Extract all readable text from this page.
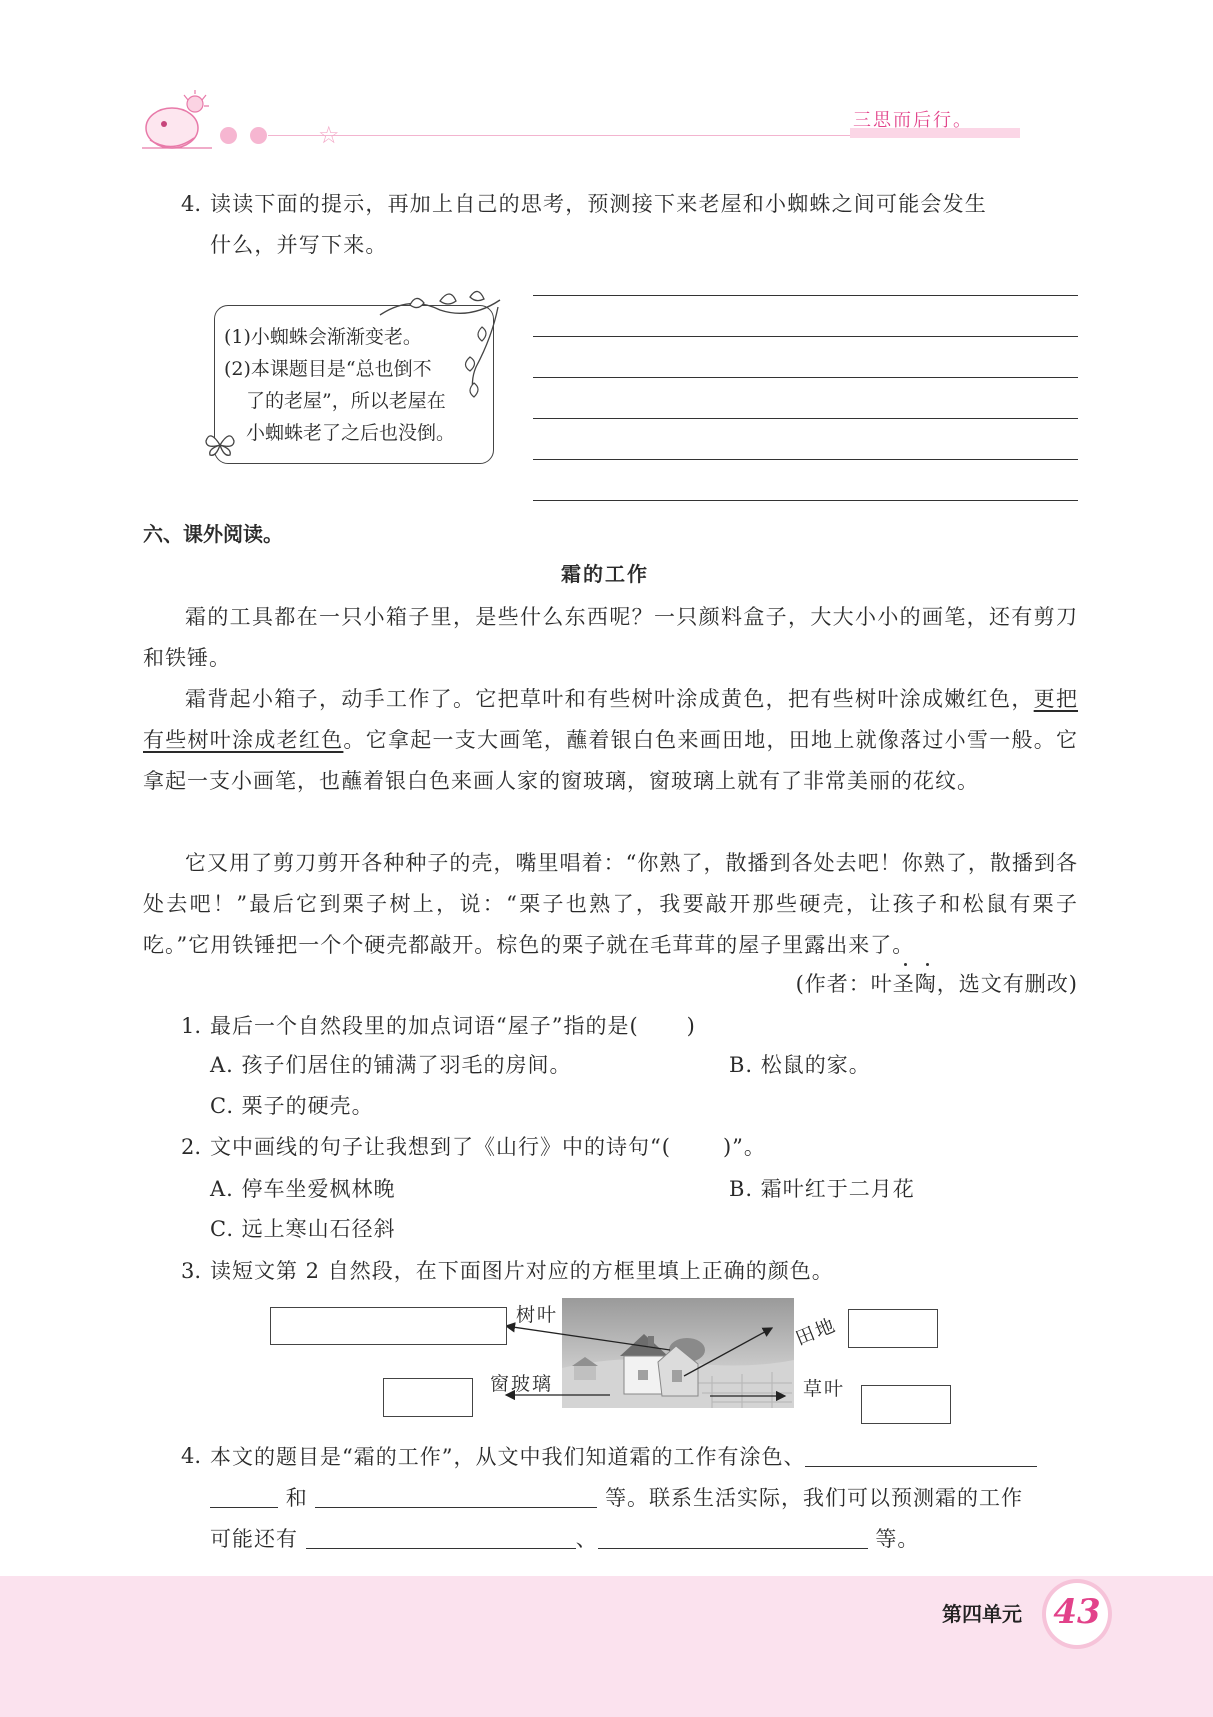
☆
三思而后行。
4. 读读下面的提示，再加上自己的思考，预测接下来老屋和小蜘蛛之间可能会发生
什么，并写下来。
(1)小蜘蛛会渐渐变老。
(2)本课题目是“总也倒不
了的老屋”，所以老屋在
小蜘蛛老了之后也没倒。
六、课外阅读。
霜的工作
霜的工具都在一只小箱子里，是些什么东西呢？一只颜料盒子，大大小小的画笔，还有剪刀和铁锤。
霜背起小箱子，动手工作了。它把草叶和有些树叶涂成黄色，把有些树叶涂成嫩红色，更把有些树叶涂成老红色。它拿起一支大画笔，蘸着银白色来画田地，田地上就像落过小雪一般。它拿起一支小画笔，也蘸着银白色来画人家的窗玻璃，窗玻璃上就有了非常美丽的花纹。
它又用了剪刀剪开各种种子的壳，嘴里唱着：“你熟了，散播到各处去吧！你熟了，散播到各处去吧！”最后它到栗子树上，说：“栗子也熟了，我要敲开那些硬壳，让孩子和松鼠有栗子吃。”它用铁锤把一个个硬壳都敲开。棕色的栗子就在毛茸茸的屋子里露出来了。
(作者：叶圣陶，选文有删改)
1. 最后一个自然段里的加点词语“屋子”指的是( )
A. 孩子们居住的铺满了羽毛的房间。	B. 松鼠的家。
C. 栗子的硬壳。
2. 文中画线的句子让我想到了《山行》中的诗句“( )”。
A. 停车坐爱枫林晚	B. 霜叶红于二月花
C. 远上寒山石径斜
3. 读短文第 2 自然段，在下面图片对应的方框里填上正确的颜色。
树叶	田地
窗玻璃	草叶
4. 本文的题目是“霜的工作”，从文中我们知道霜的工作有涂色、
和	等。联系生活实际，我们可以预测霜的工作
可能还有	、	等。
第四单元 43
